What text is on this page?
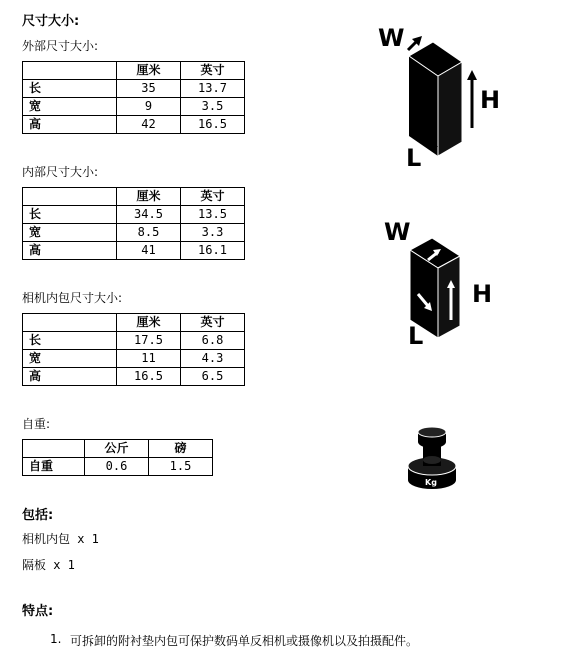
尺寸大小:
外部尺寸大小:
	厘米	英寸
长	35	13.7
宽	9	3.5
高	42	16.5
内部尺寸大小:
	厘米	英寸
长	34.5	13.5
宽	8.5	3.3
高	41	16.1
相机内包尺寸大小:
	厘米	英寸
长	17.5	6.8
宽	11	4.3
高	16.5	6.5
自重:
	公斤	磅
自重	0.6	1.5
包括:
相机内包 x 1
隔板 x 1
特点:
1. 可拆卸的附衬垫内包可保护数码单反相机或摄像机以及拍摄配件。
W
H
L
W
H
L
Kg
